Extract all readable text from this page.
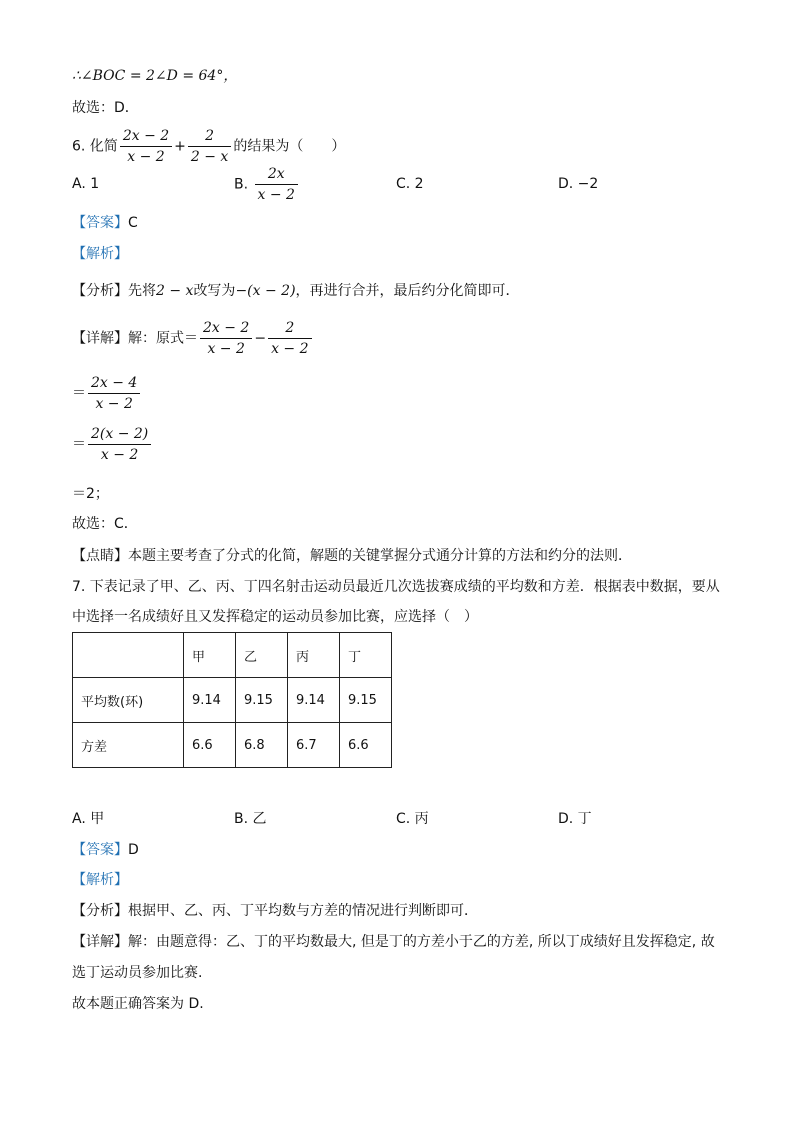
∴∠BOC = 2∠D = 64°，
故选：D．
6. 化简 $\frac{2x - 2}{x - 2} + \frac{2}{2 - x}$ 的结果为（　　）
A. 1	B. $\frac{2x}{x - 2}$	C. 2	D. −2
【答案】C
【解析】
【分析】先将2 − x改写为−(x − 2)，再进行合并，最后约分化简即可．
【详解】解：原式＝ $\frac{2x - 2}{x - 2} - \frac{2}{x - 2}$
＝ $\frac{2x - 4}{x - 2}$
＝ $\frac{2(x - 2)}{x - 2}$
＝2；
故选：C．
【点睛】本题主要考查了分式的化简，解题的关键掌握分式通分计算的方法和约分的法则．
7. 下表记录了甲、乙、丙、丁四名射击运动员最近几次选拔赛成绩的平均数和方差．根据表中数据，要从
中选择一名成绩好且又发挥稳定的运动员参加比赛，应选择（　）
	甲	乙	丙	丁
平均数(环)	9.14	9.15	9.14	9.15
方差	6.6	6.8	6.7	6.6
A. 甲	B. 乙	C. 丙	D. 丁
【答案】D
【解析】
【分析】根据甲、乙、丙、丁平均数与方差的情况进行判断即可．
【详解】解：由题意得：乙、丁的平均数最大, 但是丁的方差小于乙的方差, 所以丁成绩好且发挥稳定, 故
选丁运动员参加比赛.
故本题正确答案为 D.
